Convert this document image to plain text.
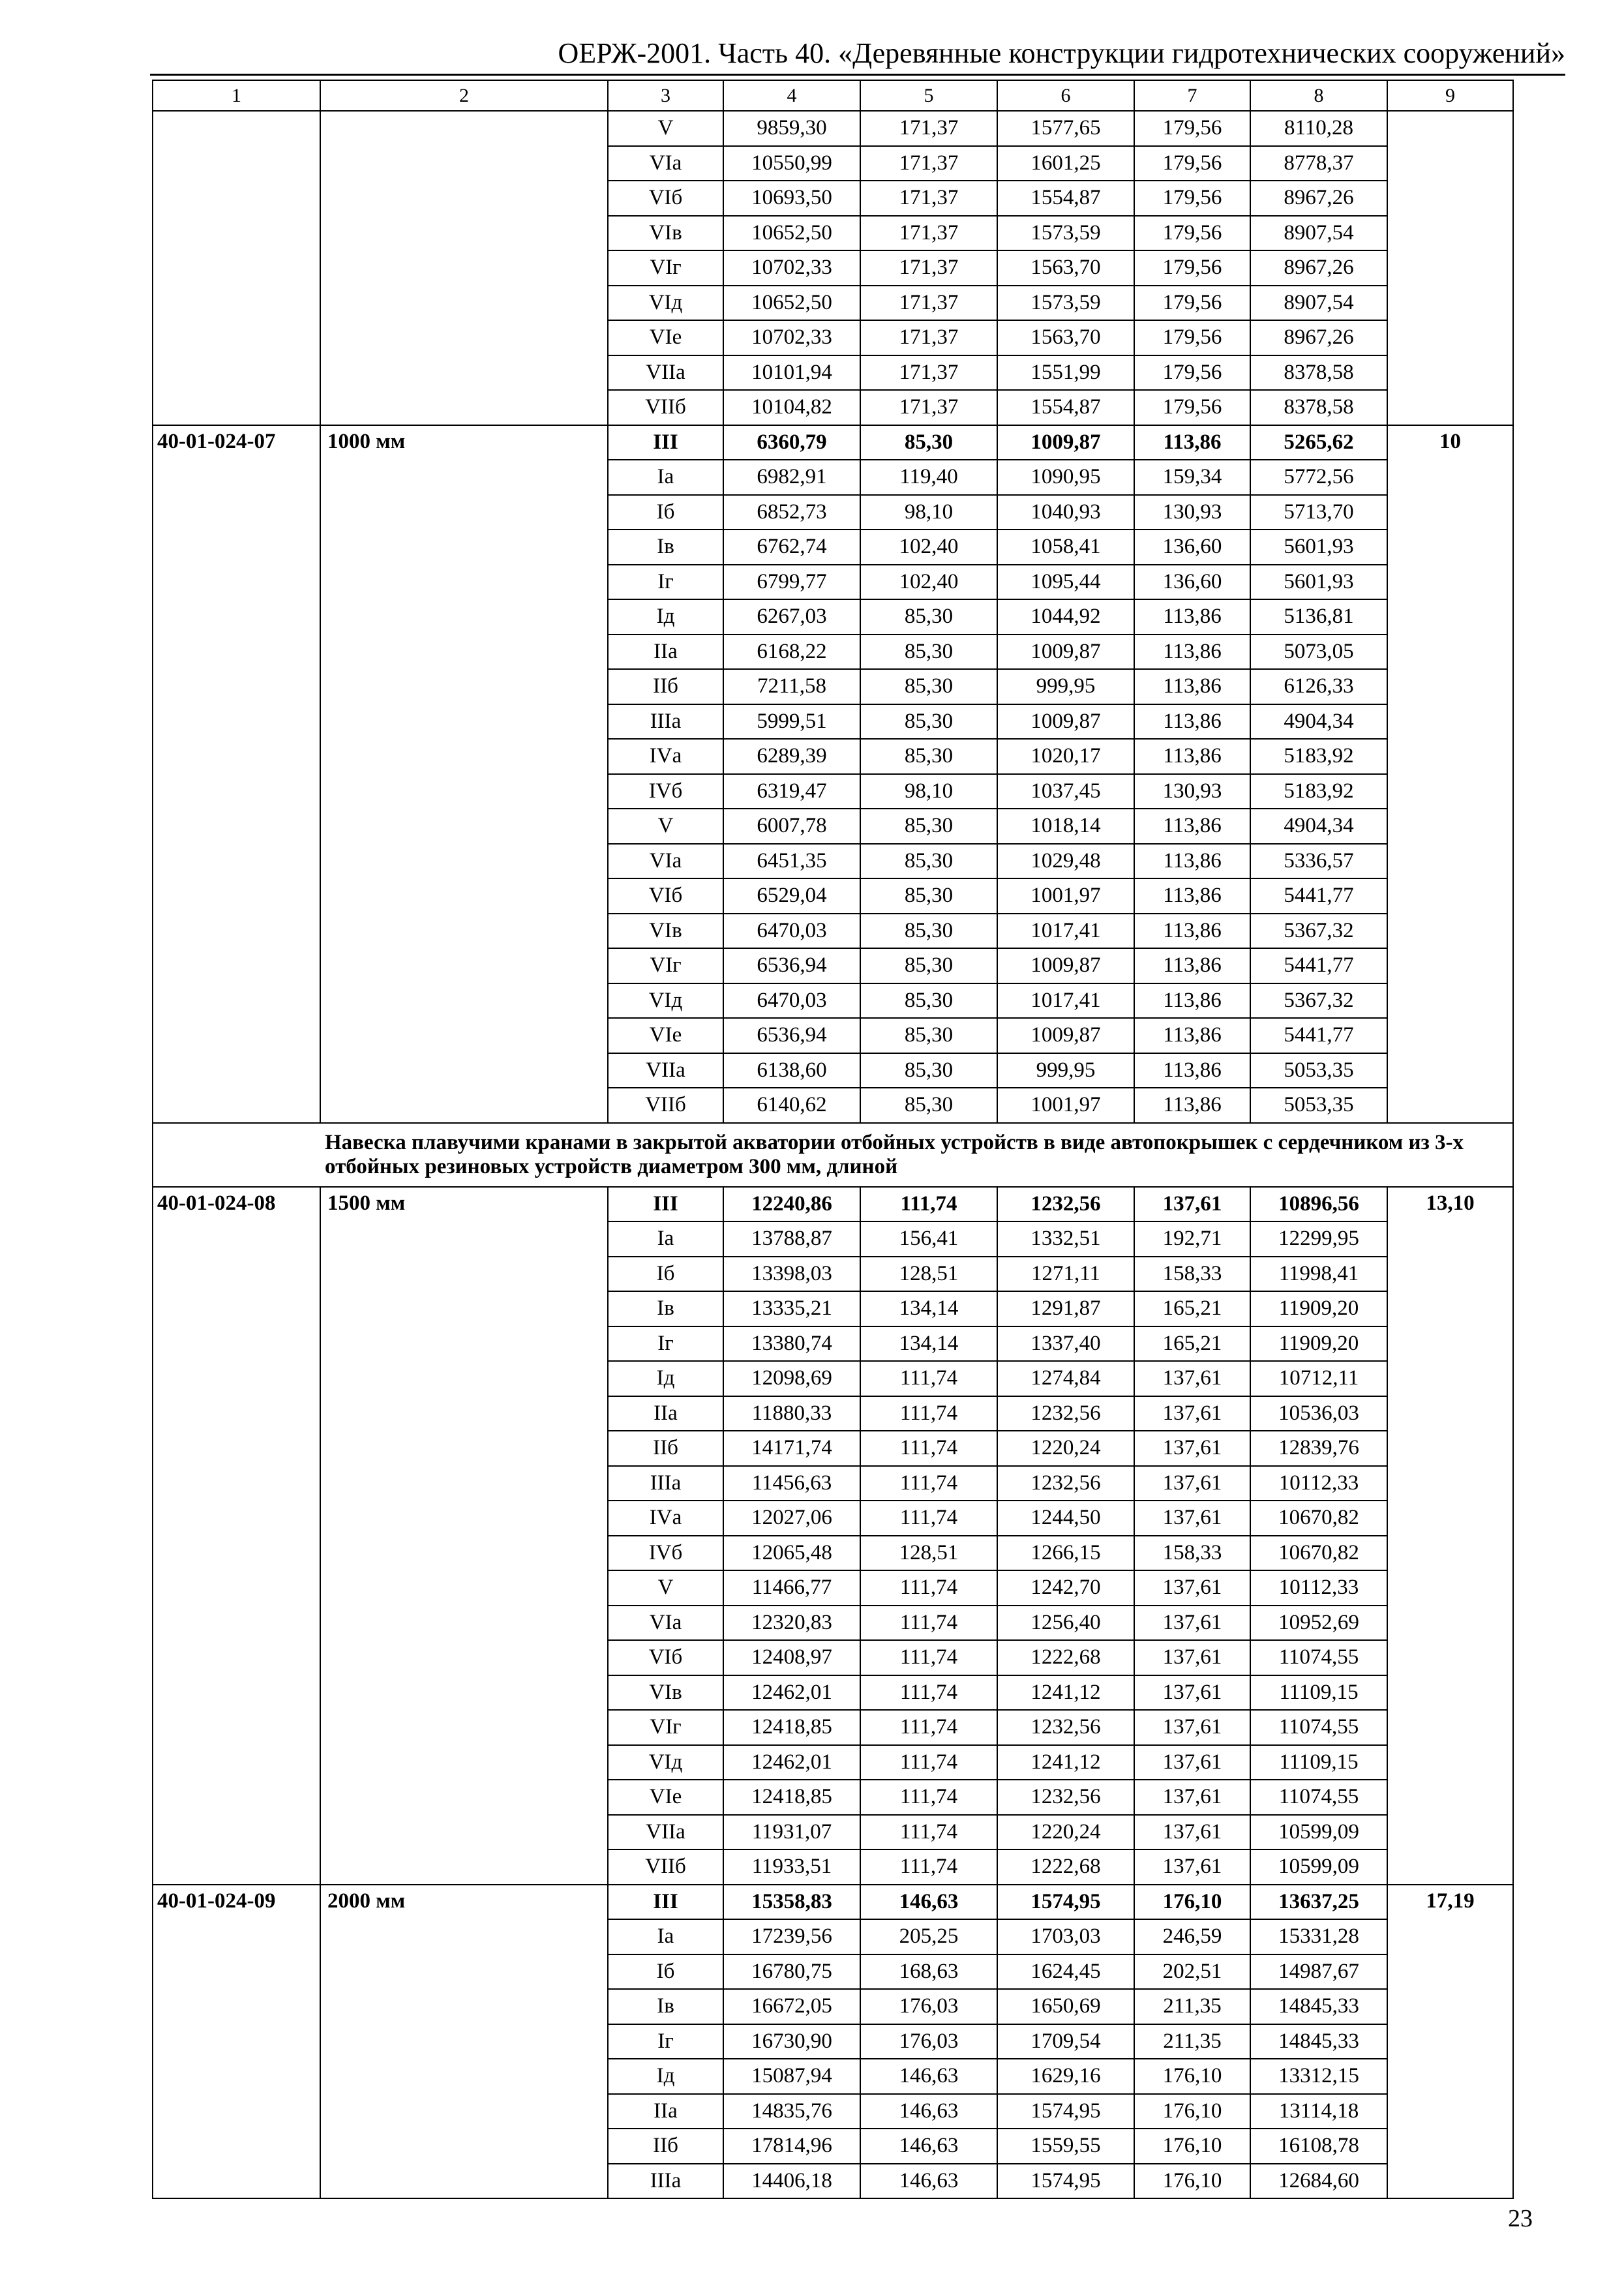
ОЕРЖ-2001. Часть 40. «Деревянные конструкции гидротехнических сооружений»
1	2	3	4	5	6	7	8	9
		V	9859,30	171,37	1577,65	179,56	8110,28	
		VIа	10550,99	171,37	1601,25	179,56	8778,37	
		VIб	10693,50	171,37	1554,87	179,56	8967,26	
		VIв	10652,50	171,37	1573,59	179,56	8907,54	
		VIг	10702,33	171,37	1563,70	179,56	8967,26	
		VIд	10652,50	171,37	1573,59	179,56	8907,54	
		VIе	10702,33	171,37	1563,70	179,56	8967,26	
		VIIа	10101,94	171,37	1551,99	179,56	8378,58	
		VIIб	10104,82	171,37	1554,87	179,56	8378,58	
40-01-024-07	1000 мм	III	6360,79	85,30	1009,87	113,86	5265,62	10
		Iа	6982,91	119,40	1090,95	159,34	5772,56	
		Iб	6852,73	98,10	1040,93	130,93	5713,70	
		Iв	6762,74	102,40	1058,41	136,60	5601,93	
		Iг	6799,77	102,40	1095,44	136,60	5601,93	
		Iд	6267,03	85,30	1044,92	113,86	5136,81	
		IIа	6168,22	85,30	1009,87	113,86	5073,05	
		IIб	7211,58	85,30	999,95	113,86	6126,33	
		IIIа	5999,51	85,30	1009,87	113,86	4904,34	
		IVа	6289,39	85,30	1020,17	113,86	5183,92	
		IVб	6319,47	98,10	1037,45	130,93	5183,92	
		V	6007,78	85,30	1018,14	113,86	4904,34	
		VIа	6451,35	85,30	1029,48	113,86	5336,57	
		VIб	6529,04	85,30	1001,97	113,86	5441,77	
		VIв	6470,03	85,30	1017,41	113,86	5367,32	
		VIг	6536,94	85,30	1009,87	113,86	5441,77	
		VIд	6470,03	85,30	1017,41	113,86	5367,32	
		VIе	6536,94	85,30	1009,87	113,86	5441,77	
		VIIа	6138,60	85,30	999,95	113,86	5053,35	
		VIIб	6140,62	85,30	1001,97	113,86	5053,35	
Навеска плавучими кранами в закрытой акватории отбойных устройств в виде автопокрышек с сердечником из 3-х отбойных резиновых устройств диаметром 300 мм, длиной								
40-01-024-08	1500 мм	III	12240,86	111,74	1232,56	137,61	10896,56	13,10
		Iа	13788,87	156,41	1332,51	192,71	12299,95	
		Iб	13398,03	128,51	1271,11	158,33	11998,41	
		Iв	13335,21	134,14	1291,87	165,21	11909,20	
		Iг	13380,74	134,14	1337,40	165,21	11909,20	
		Iд	12098,69	111,74	1274,84	137,61	10712,11	
		IIа	11880,33	111,74	1232,56	137,61	10536,03	
		IIб	14171,74	111,74	1220,24	137,61	12839,76	
		IIIа	11456,63	111,74	1232,56	137,61	10112,33	
		IVа	12027,06	111,74	1244,50	137,61	10670,82	
		IVб	12065,48	128,51	1266,15	158,33	10670,82	
		V	11466,77	111,74	1242,70	137,61	10112,33	
		VIа	12320,83	111,74	1256,40	137,61	10952,69	
		VIб	12408,97	111,74	1222,68	137,61	11074,55	
		VIв	12462,01	111,74	1241,12	137,61	11109,15	
		VIг	12418,85	111,74	1232,56	137,61	11074,55	
		VIд	12462,01	111,74	1241,12	137,61	11109,15	
		VIе	12418,85	111,74	1232,56	137,61	11074,55	
		VIIа	11931,07	111,74	1220,24	137,61	10599,09	
		VIIб	11933,51	111,74	1222,68	137,61	10599,09	
40-01-024-09	2000 мм	III	15358,83	146,63	1574,95	176,10	13637,25	17,19
		Iа	17239,56	205,25	1703,03	246,59	15331,28	
		Iб	16780,75	168,63	1624,45	202,51	14987,67	
		Iв	16672,05	176,03	1650,69	211,35	14845,33	
		Iг	16730,90	176,03	1709,54	211,35	14845,33	
		Iд	15087,94	146,63	1629,16	176,10	13312,15	
		IIа	14835,76	146,63	1574,95	176,10	13114,18	
		IIб	17814,96	146,63	1559,55	176,10	16108,78	
		IIIа	14406,18	146,63	1574,95	176,10	12684,60	
23
